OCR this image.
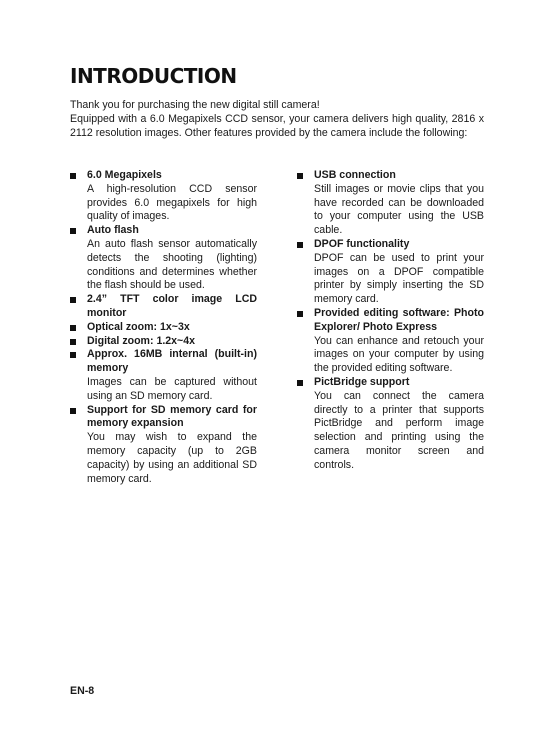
INTRODUCTION

Thank you for purchasing the new digital still camera!

Equipped with a 6.0 Megapixels CCD sensor, your camera delivers high quality, 2816 x 2112 resolution images. Other features provided by the camera include the following:

6.0 Megapixels
A high-resolution CCD sensor provides 6.0 megapixels for high quality of images.
Auto flash
An auto flash sensor automatically detects the shooting (lighting) conditions and determines whether the flash should be used.
2.4” TFT color image LCD monitor
Optical zoom: 1x~3x
Digital zoom: 1.2x~4x
Approx. 16MB internal (built-in) memory
Images can be captured without using an SD memory card.
Support for SD memory card for memory expansion
You may wish to expand the memory capacity (up to 2GB capacity) by using an additional SD memory card.
USB connection
Still images or movie clips that you have recorded can be downloaded to your computer using the USB cable.
DPOF functionality
DPOF can be used to print your images on a DPOF compatible printer by simply inserting the SD memory card.
Provided editing software: Photo Explorer/ Photo Express
You can enhance and retouch your images on your computer by using the provided editing software.
PictBridge support
You can connect the camera directly to a printer that supports PictBridge and perform image selection and printing using the camera monitor screen and controls.
EN-8
